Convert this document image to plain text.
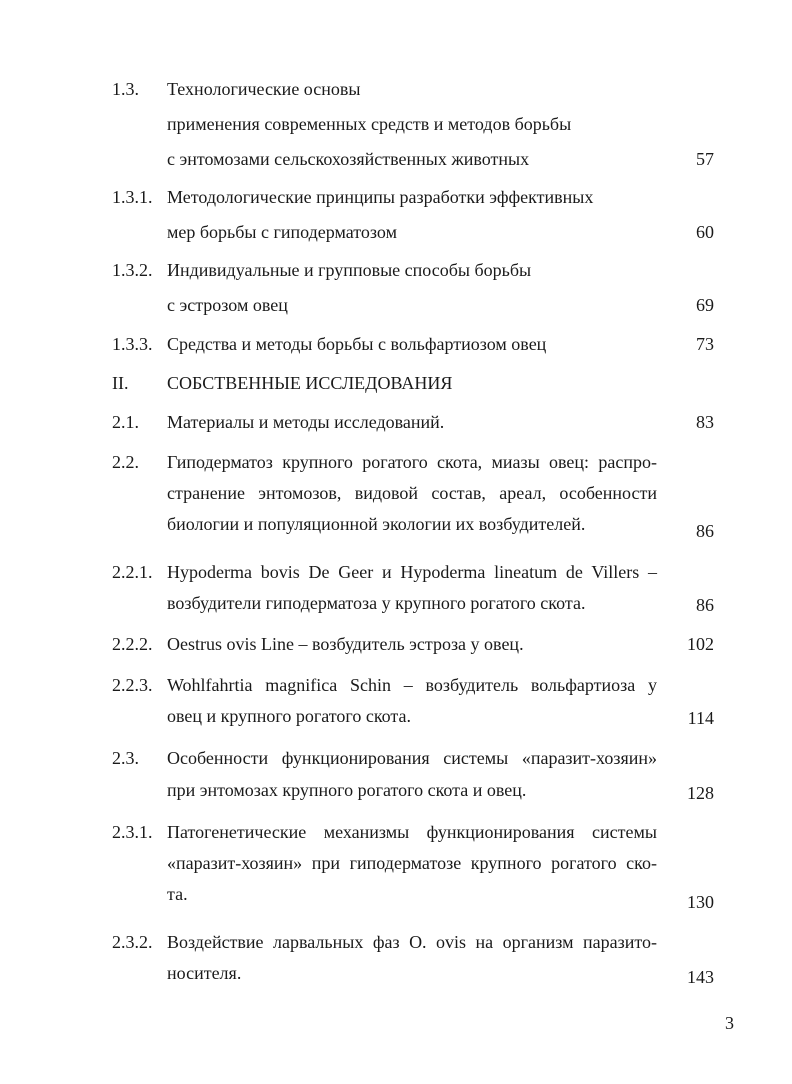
1.3. Технологические основы
применения современных средств и методов борьбы
с энтомозами сельскохозяйственных животных	57
1.3.1. Методологические принципы разработки эффективных
мер борьбы с гиподерматозом	60
1.3.2. Индивидуальные и групповые способы борьбы
с эстрозом овец	69
1.3.3. Средства и методы борьбы с вольфартиозом овец	73
II. СОБСТВЕННЫЕ ИССЛЕДОВАНИЯ
2.1. Материалы и методы исследований.	83
2.2. Гиподерматоз крупного рогатого скота, миазы овец: распро-
странение энтомозов, видовой состав, ареал, особенности
биологии и популяционной экологии их возбудителей.	86
2.2.1. Hypoderma bovis De Geer и Hypoderma lineatum de Villers –
возбудители гиподерматоза у крупного рогатого скота.	86
2.2.2. Oestrus ovis Line – возбудитель эстроза у овец.	102
2.2.3. Wohlfahrtia magnifica Schin – возбудитель вольфартиоза у
овец и крупного рогатого скота.	114
2.3. Особенности функционирования системы «паразит-хозяин»
при энтомозах крупного рогатого скота и овец.	128
2.3.1. Патогенетические механизмы функционирования системы
«паразит-хозяин» при гиподерматозе крупного рогатого ско-
та.	130
2.3.2. Воздействие ларвальных фаз O. ovis на организм паразито-
носителя.	143
3
